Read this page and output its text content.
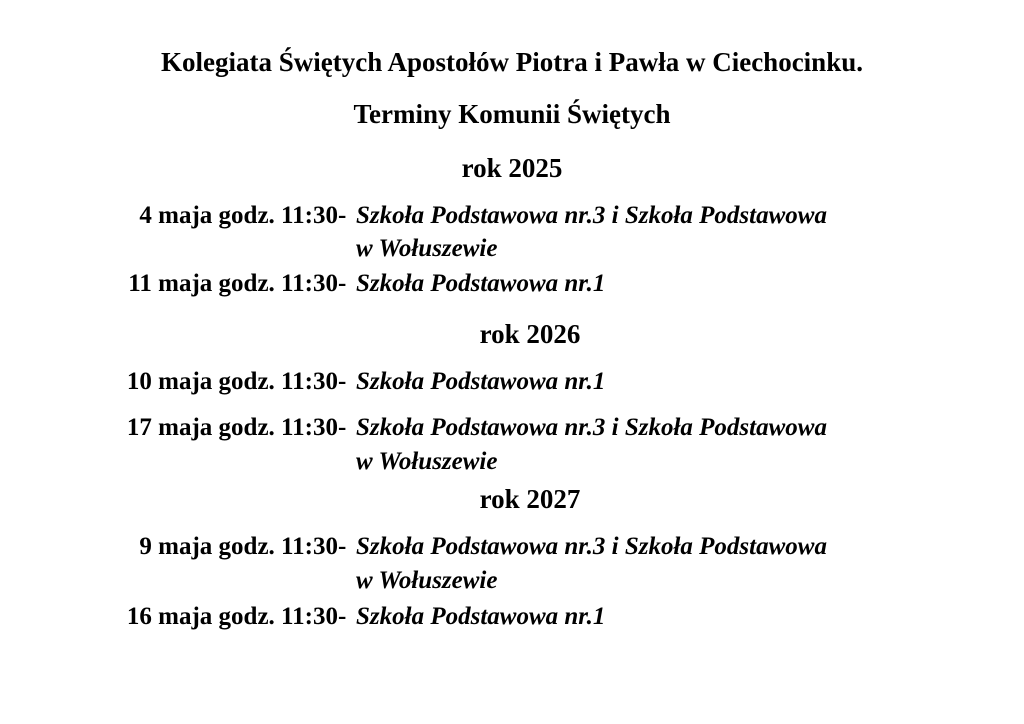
Kolegiata Świętych Apostołów Piotra i Pawła w Ciechocinku.
Terminy Komunii Świętych
rok 2025
4 maja godz. 11:30 - Szkoła Podstawowa nr.3 i Szkoła Podstawowa
w Wołuszewie
11 maja godz. 11:30 - Szkoła Podstawowa nr.1
rok 2026
10 maja godz. 11:30 - Szkoła Podstawowa nr.1
17 maja godz. 11:30 - Szkoła Podstawowa nr.3 i Szkoła Podstawowa
w Wołuszewie
rok 2027
9 maja godz. 11:30 - Szkoła Podstawowa nr.3 i Szkoła Podstawowa
w Wołuszewie
16 maja godz. 11:30 - Szkoła Podstawowa nr.1
